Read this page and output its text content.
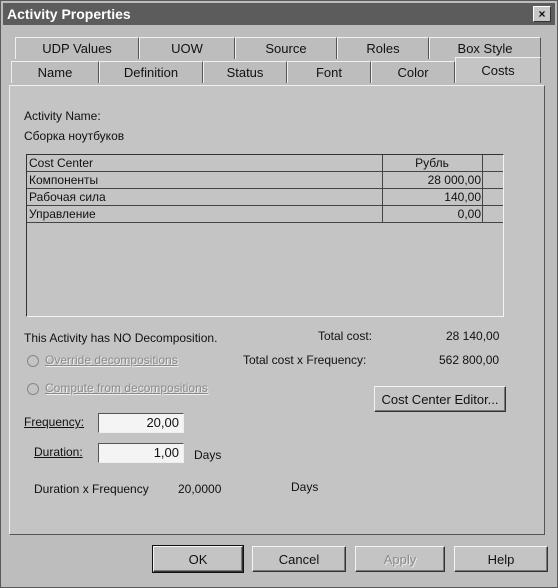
Activity Properties	×
UDP Values	UOW	Source	Roles	Box Style
Name	Definition	Status	Font	Color	Costs
Activity Name:
Сборка ноутбуков
Cost Center	Рубль
Компоненты	28 000,00
Рабочая сила	140,00
Управление	0,00
This Activity has NO Decomposition.	Total cost:	28 140,00
Override decompositions	Total cost x Frequency:	562 800,00
Compute from decompositions
Cost Center Editor...
Frequency:	20,00
Duration:	1,00	Days
Duration x Frequency 20,0000	Days
OK	Cancel	Apply	Help
